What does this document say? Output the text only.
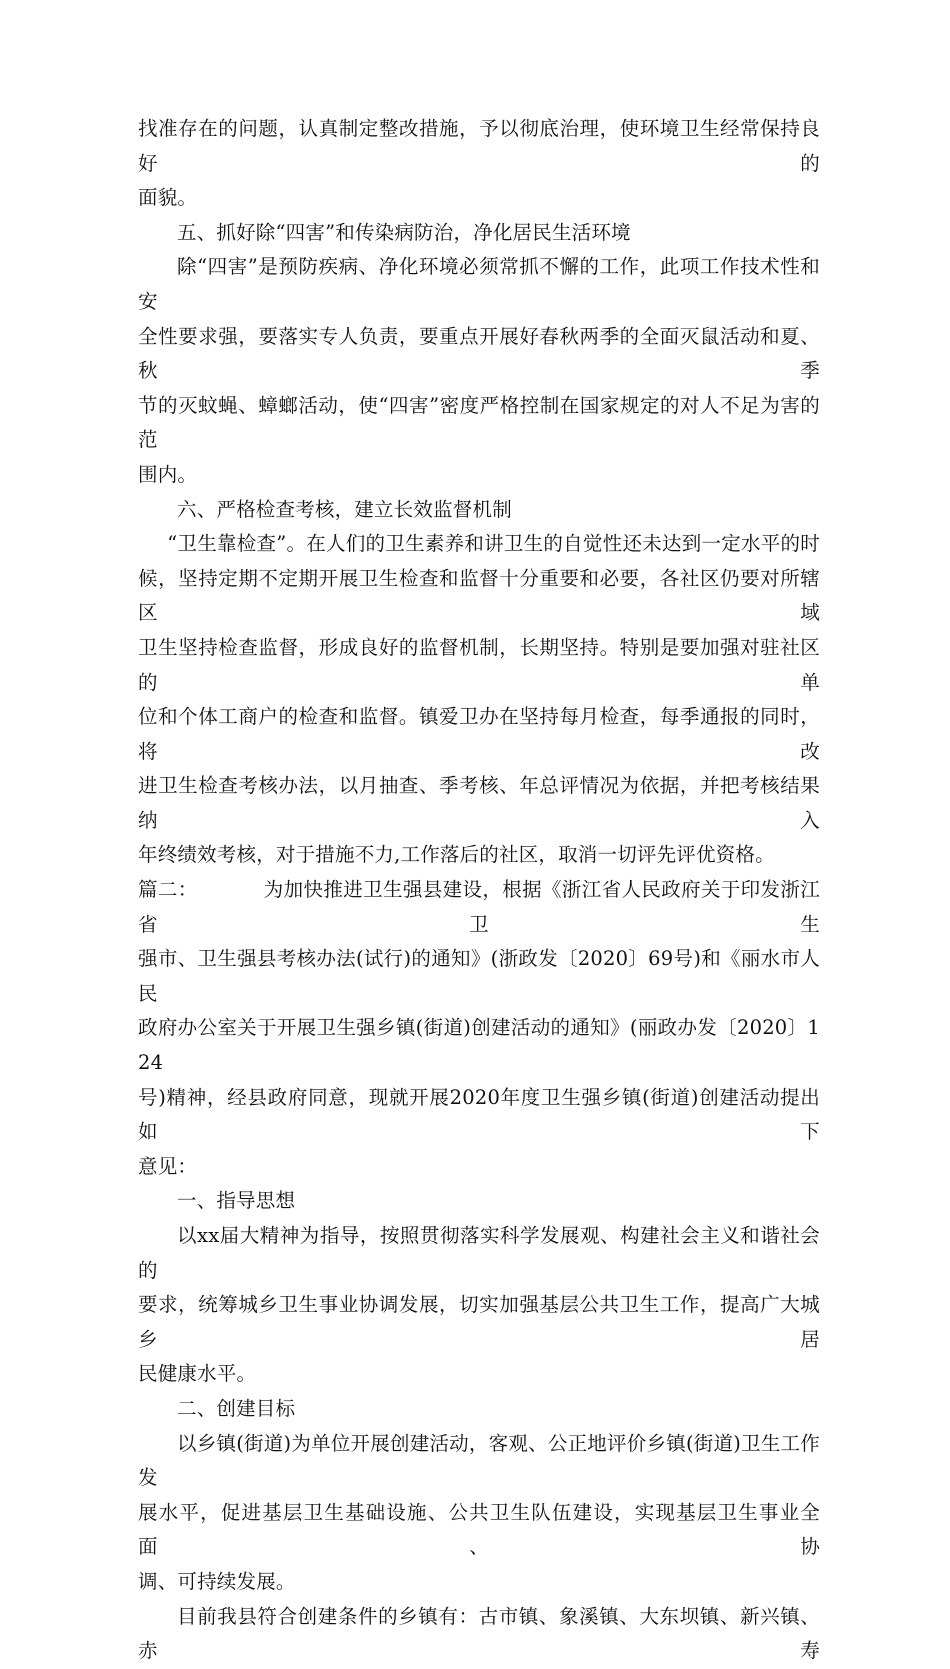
找准存在的问题，认真制定整改措施，予以彻底治理，使环境卫生经常保持良好的
面貌。

五、抓好除“四害”和传染病防治，净化居民生活环境

除“四害”是预防疾病、净化环境必须常抓不懈的工作，此项工作技术性和安
全性要求强，要落实专人负责，要重点开展好春秋两季的全面灭鼠活动和夏、秋季
节的灭蚊蝇、蟑螂活动，使“四害”密度严格控制在国家规定的对人不足为害的范
围内。

六、严格检查考核，建立长效监督机制

“卫生靠检查”。在人们的卫生素养和讲卫生的自觉性还未达到一定水平的时
候，坚持定期不定期开展卫生检查和监督十分重要和必要，各社区仍要对所辖区域
卫生坚持检查监督，形成良好的监督机制，长期坚持。特别是要加强对驻社区的单
位和个体工商户的检查和监督。镇爱卫办在坚持每月检查，每季通报的同时，将改
进卫生检查考核办法，以月抽查、季考核、年总评情况为依据，并把考核结果纳入
年终绩效考核，对于措施不力,工作落后的社区，取消一切评先评优资格。

篇二：	为加快推进卫生强县建设，根据《浙江省人民政府关于印发浙江省卫生
强市、卫生强县考核办法(试行)的通知》(浙政发〔2020〕69号)和《丽水市人民
政府办公室关于开展卫生强乡镇(街道)创建活动的通知》(丽政办发〔2020〕124
号)精神，经县政府同意，现就开展2020年度卫生强乡镇(街道)创建活动提出如下
意见：

一、指导思想

以xx届大精神为指导，按照贯彻落实科学发展观、构建社会主义和谐社会的
要求，统筹城乡卫生事业协调发展，切实加强基层公共卫生工作，提高广大城乡居
民健康水平。

二、创建目标

以乡镇(街道)为单位开展创建活动，客观、公正地评价乡镇(街道)卫生工作发
展水平，促进基层卫生基础设施、公共卫生队伍建设，实现基层卫生事业全面、协
调、可持续发展。

目前我县符合创建条件的乡镇有：古市镇、象溪镇、大东坝镇、新兴镇、赤寿
